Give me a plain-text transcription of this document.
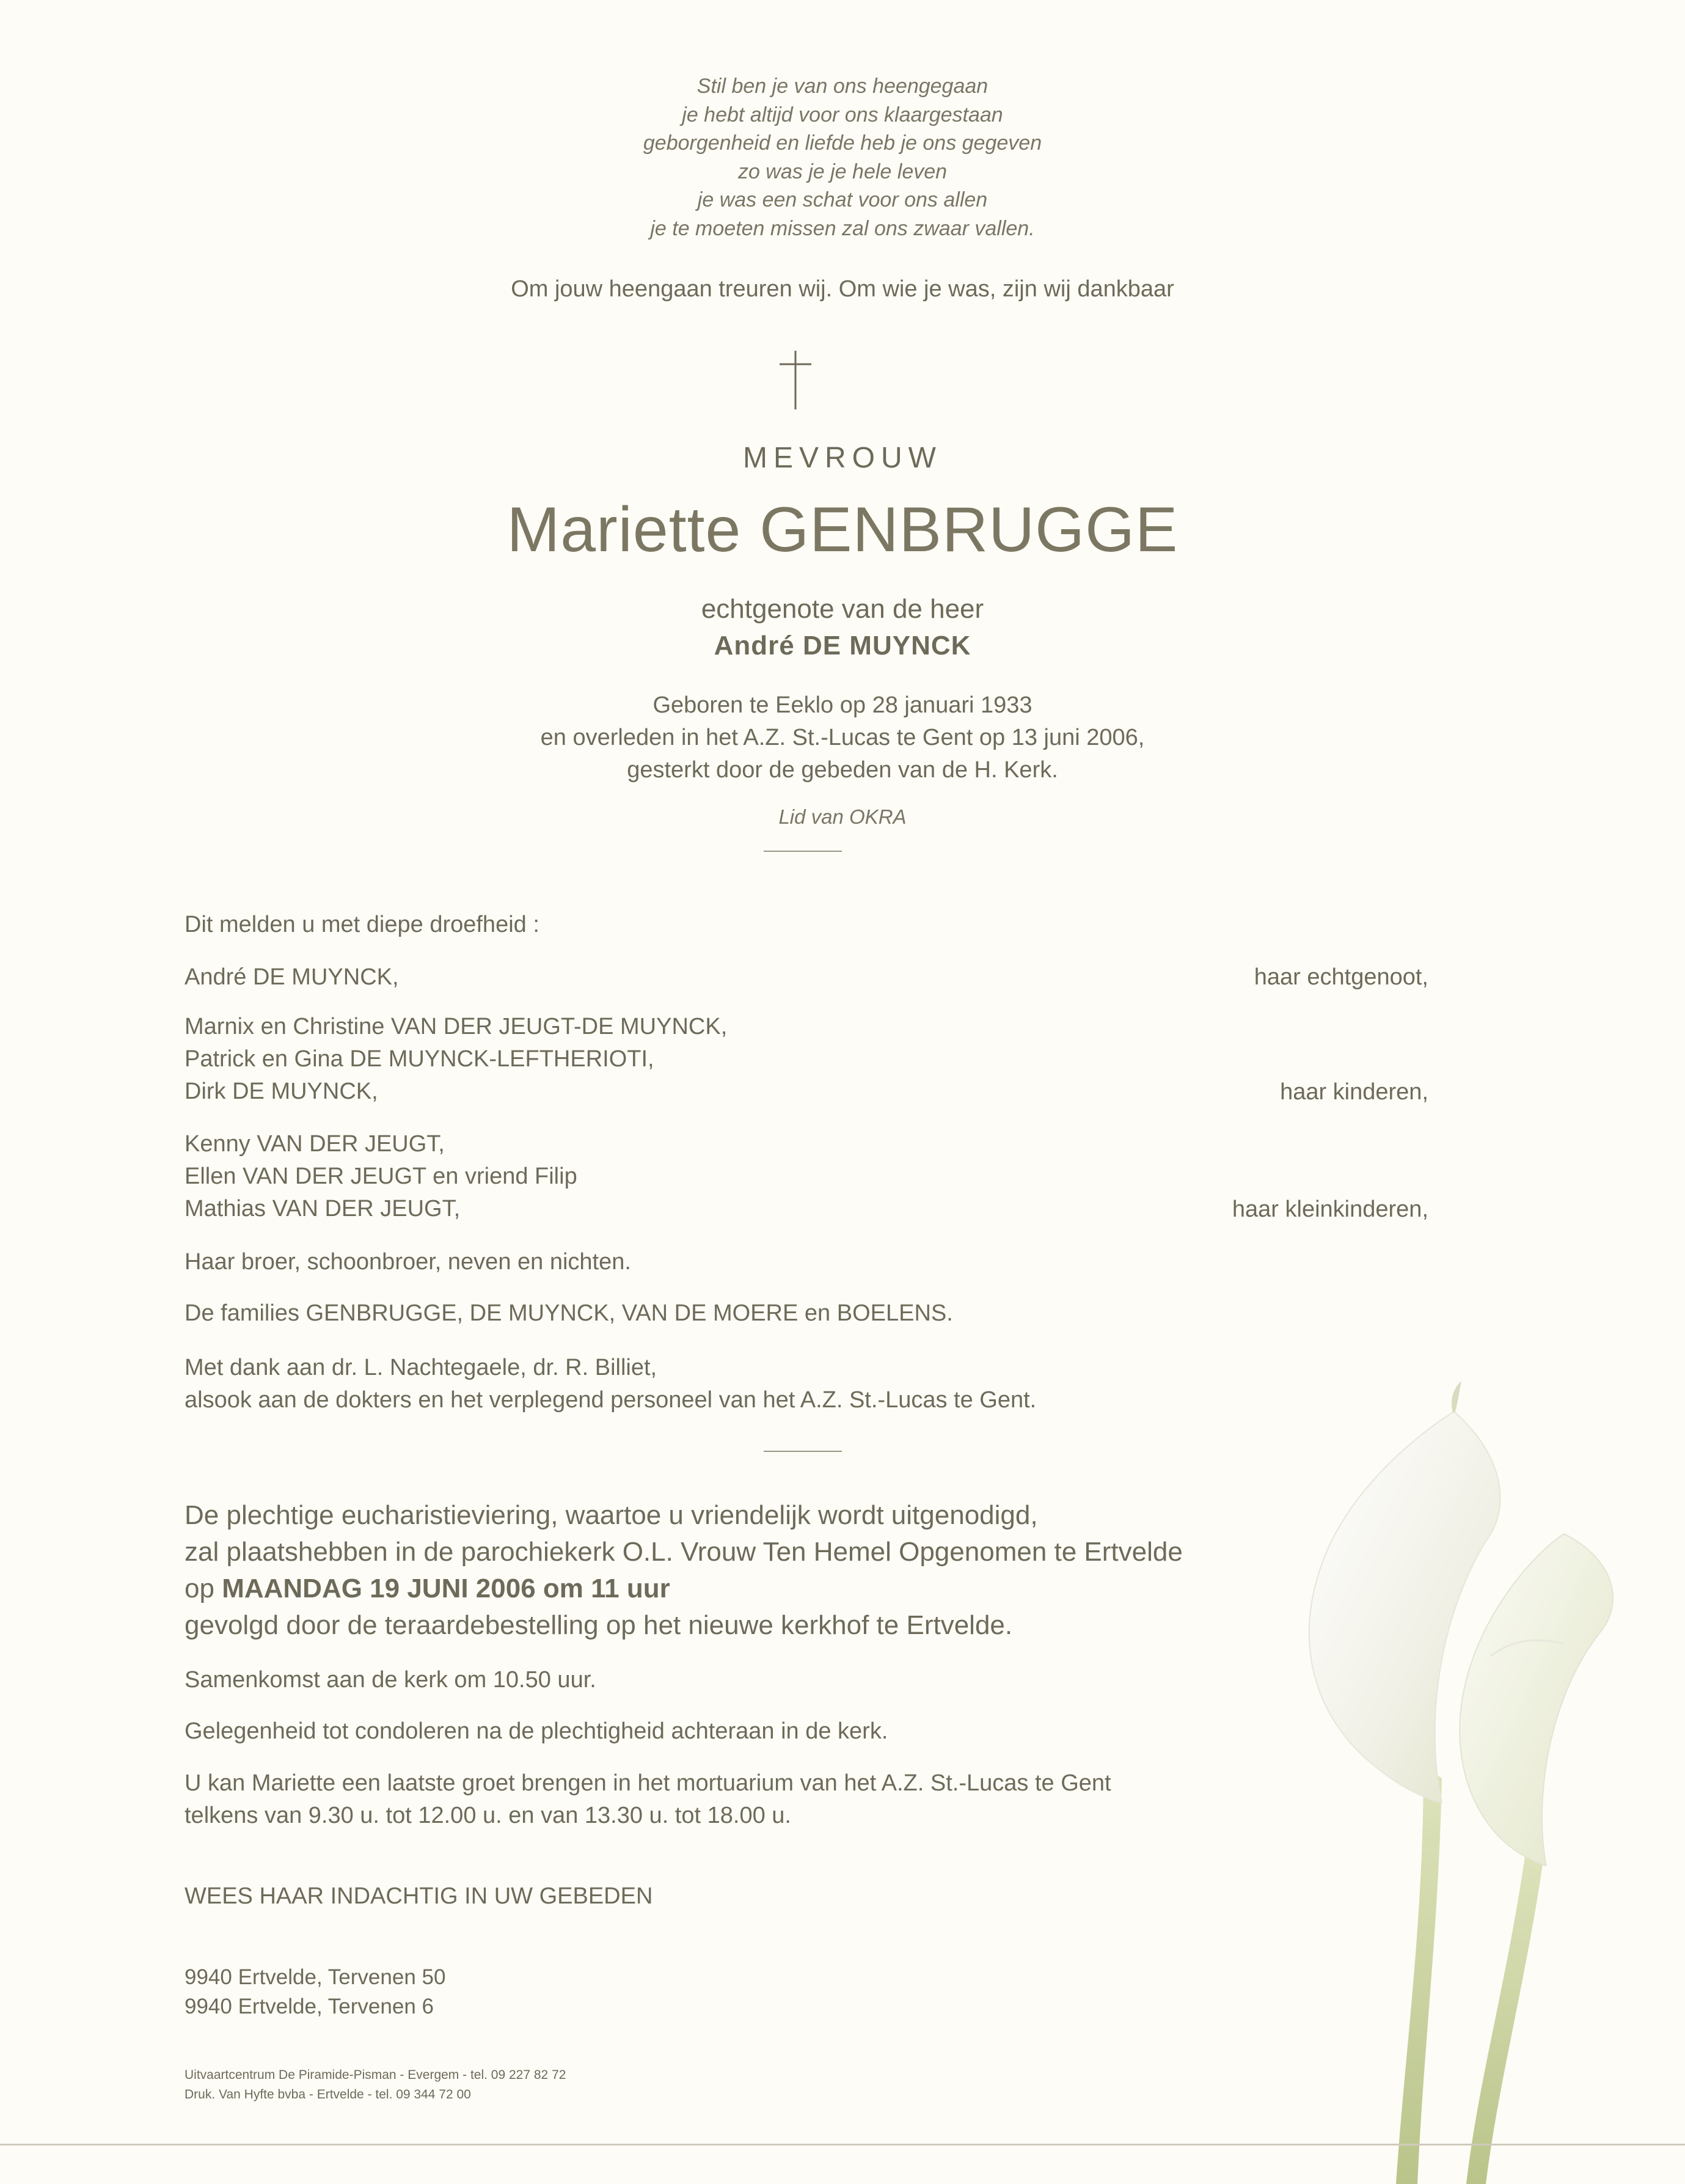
Stil ben je van ons heengegaan
je hebt altijd voor ons klaargestaan
geborgenheid en liefde heb je ons gegeven
zo was je je hele leven
je was een schat voor ons allen
je te moeten missen zal ons zwaar vallen.
Om jouw heengaan treuren wij. Om wie je was, zijn wij dankbaar
MEVROUW
Mariette GENBRUGGE
echtgenote van de heer
André DE MUYNCK
Geboren te Eeklo op 28 januari 1933
en overleden in het A.Z. St.-Lucas te Gent op 13 juni 2006,
gesterkt door de gebeden van de H. Kerk.
Lid van OKRA
Dit melden u met diepe droefheid :
André DE MUYNCK,	haar echtgenoot,
Marnix en Christine VAN DER JEUGT-DE MUYNCK,
Patrick en Gina DE MUYNCK-LEFTHERIOTI,
Dirk DE MUYNCK,	haar kinderen,
Kenny VAN DER JEUGT,
Ellen VAN DER JEUGT en vriend Filip
Mathias VAN DER JEUGT,	haar kleinkinderen,
Haar broer, schoonbroer, neven en nichten.
De families GENBRUGGE, DE MUYNCK, VAN DE MOERE en BOELENS.
Met dank aan dr. L. Nachtegaele, dr. R. Billiet,
alsook aan de dokters en het verplegend personeel van het A.Z. St.-Lucas te Gent.
De plechtige eucharistieviering, waartoe u vriendelijk wordt uitgenodigd,
zal plaatshebben in de parochiekerk O.L. Vrouw Ten Hemel Opgenomen te Ertvelde
op MAANDAG 19 JUNI 2006 om 11 uur
gevolgd door de teraardebestelling op het nieuwe kerkhof te Ertvelde.
Samenkomst aan de kerk om 10.50 uur.
Gelegenheid tot condoleren na de plechtigheid achteraan in de kerk.
U kan Mariette een laatste groet brengen in het mortuarium van het A.Z. St.-Lucas te Gent
telkens van 9.30 u. tot 12.00 u. en van 13.30 u. tot 18.00 u.
WEES HAAR INDACHTIG IN UW GEBEDEN
9940 Ertvelde, Tervenen 50
9940 Ertvelde, Tervenen 6
Uitvaartcentrum De Piramide-Pisman - Evergem - tel. 09 227 82 72
Druk. Van Hyfte bvba - Ertvelde - tel. 09 344 72 00
